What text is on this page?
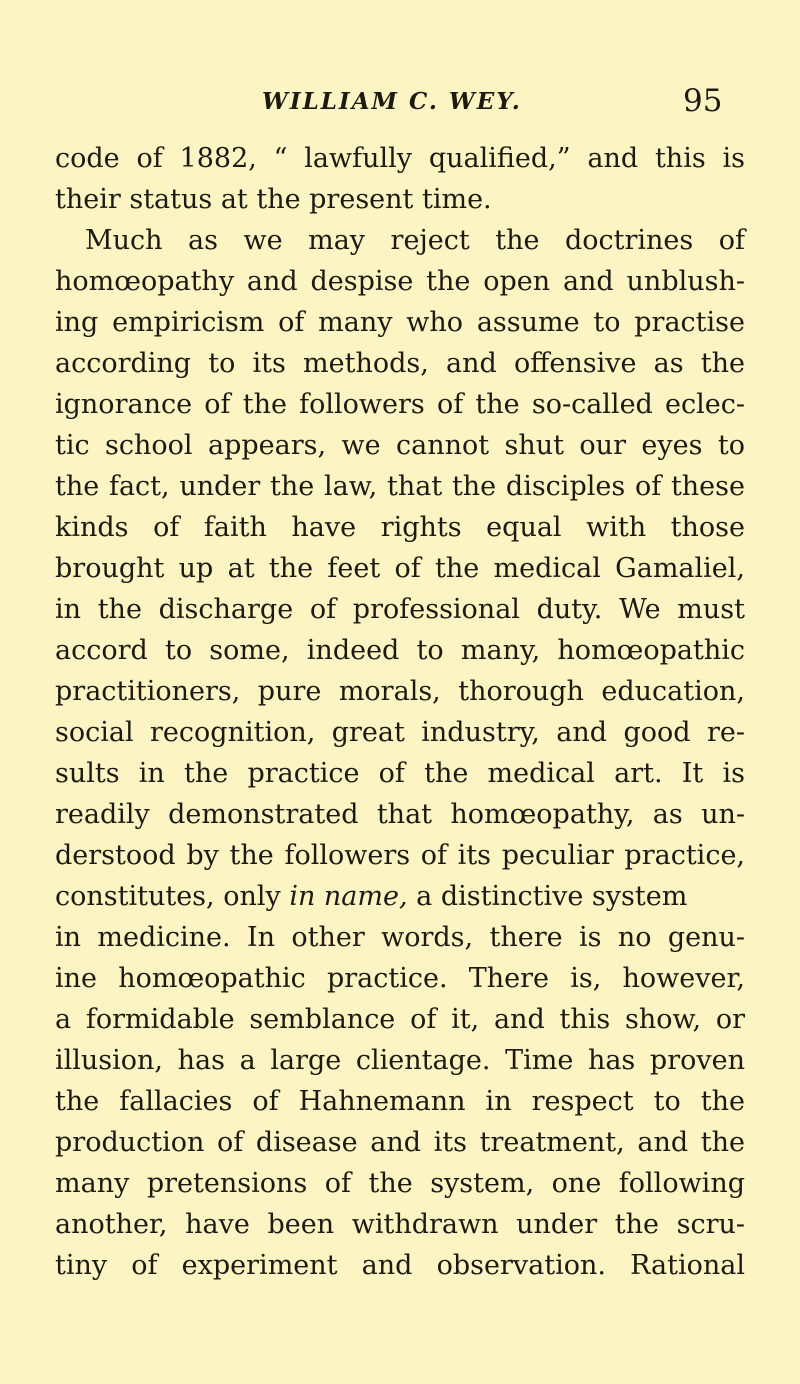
WILLIAM C. WEY.	95
code of 1882, “ lawfully qualified,” and this is
their status at the present time.
Much as we may reject the doctrines of
homœopathy and despise the open and unblush-
ing empiricism of many who assume to practise
according to its methods, and offensive as the
ignorance of the followers of the so-called eclec-
tic school appears, we cannot shut our eyes to
the fact, under the law, that the disciples of these
kinds of faith have rights equal with those
brought up at the feet of the medical Gamaliel,
in the discharge of professional duty. We must
accord to some, indeed to many, homœopathic
practitioners, pure morals, thorough education,
social recognition, great industry, and good re-
sults in the practice of the medical art. It is
readily demonstrated that homœopathy, as un-
derstood by the followers of its peculiar practice,
constitutes, only in name, a distinctive system
in medicine. In other words, there is no genu-
ine homœopathic practice. There is, however,
a formidable semblance of it, and this show, or
illusion, has a large clientage. Time has proven
the fallacies of Hahnemann in respect to the
production of disease and its treatment, and the
many pretensions of the system, one following
another, have been withdrawn under the scru-
tiny of experiment and observation. Rational
